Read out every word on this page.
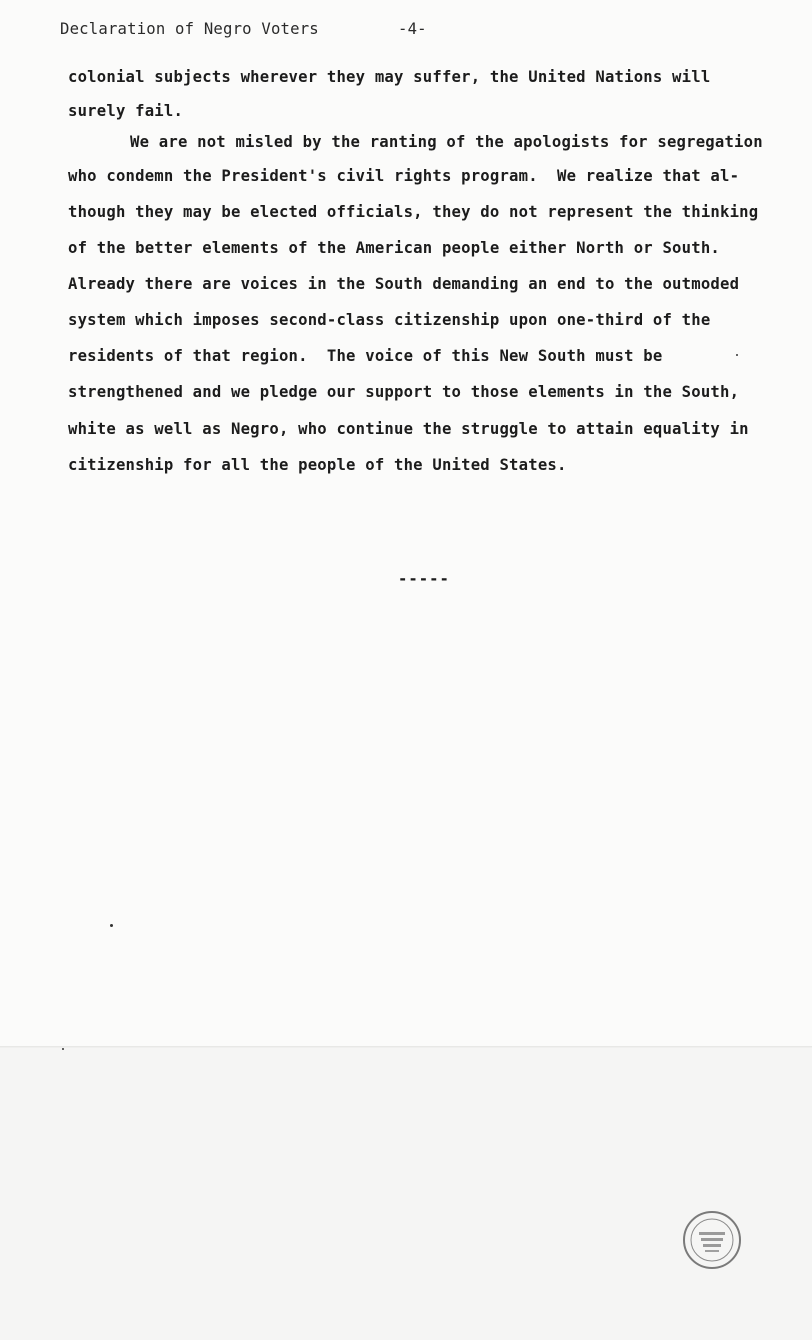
Declaration of Negro Voters	-4-
colonial subjects wherever they may suffer, the United Nations will
surely fail.
We are not misled by the ranting of the apologists for segregation
who condemn the President's civil rights program.  We realize that al-
though they may be elected officials, they do not represent the thinking
of the better elements of the American people either North or South.
Already there are voices in the South demanding an end to the outmoded
system which imposes second-class citizenship upon one-third of the
residents of that region.  The voice of this New South must be
strengthened and we pledge our support to those elements in the South,
white as well as Negro, who continue the struggle to attain equality in
citizenship for all the people of the United States.
-----
